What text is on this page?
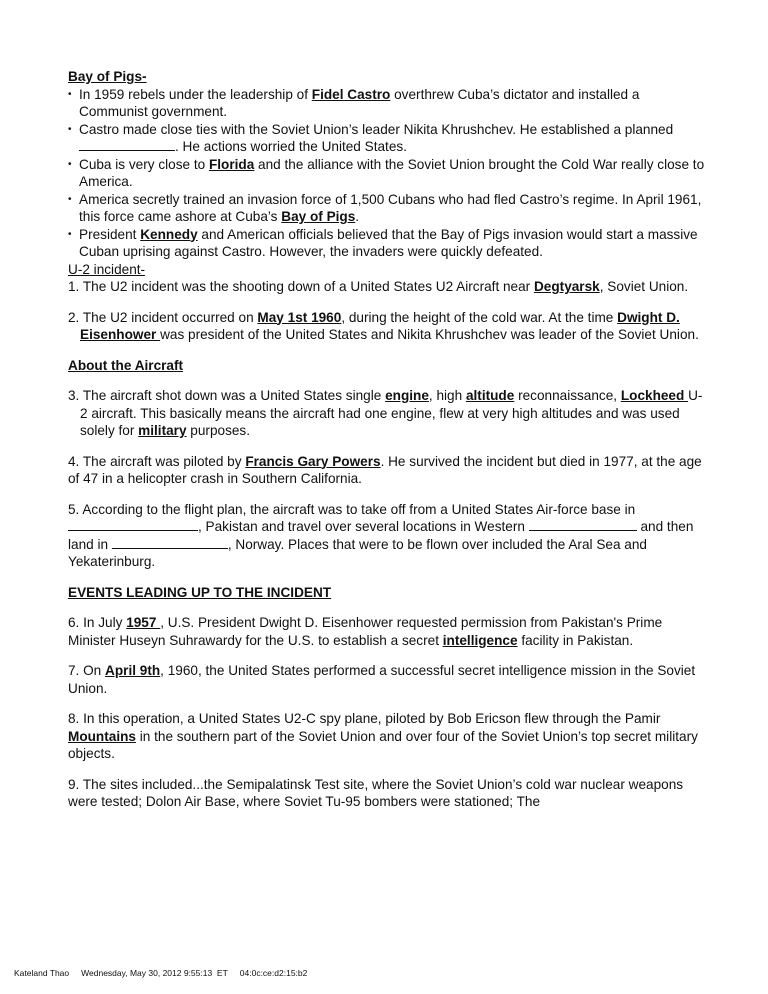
Bay of Pigs-
• In 1959 rebels under the leadership of Fidel Castro overthrew Cuba’s dictator and installed a Communist government.
• Castro made close ties with the Soviet Union’s leader Nikita Khrushchev. He established a planned . He actions worried the United States.
• Cuba is very close to Florida and the alliance with the Soviet Union brought the Cold War really close to America.
• America secretly trained an invasion force of 1,500 Cubans who had fled Castro’s regime. In April 1961, this force came ashore at Cuba’s Bay of Pigs.
• President Kennedy and American officials believed that the Bay of Pigs invasion would start a massive Cuban uprising against Castro. However, the invaders were quickly defeated.
U-2 incident-
1. The U2 incident was the shooting down of a United States U2 Aircraft near Degtyarsk, Soviet Union.
2. The U2 incident occurred on May 1st 1960, during the height of the cold war. At the time Dwight D. Eisenhower was president of the United States and Nikita Khrushchev was leader of the Soviet Union.
About the Aircraft
3. The aircraft shot down was a United States single engine, high altitude reconnaissance, Lockheed U-2 aircraft. This basically means the aircraft had one engine, flew at very high altitudes and was used solely for military purposes.
4. The aircraft was piloted by Francis Gary Powers. He survived the incident but died in 1977, at the age of 47 in a helicopter crash in Southern California.
5. According to the flight plan, the aircraft was to take off from a United States Air-force base in , Pakistan and travel over several locations in Western	and then land in	, Norway. Places that were to be flown over included the Aral Sea and Yekaterinburg.
EVENTS LEADING UP TO THE INCIDENT
6. In July 1957 , U.S. President Dwight D. Eisenhower requested permission from Pakistan's Prime Minister Huseyn Suhrawardy for the U.S. to establish a secret intelligence facility in Pakistan.
7. On April 9th, 1960, the United States performed a successful secret intelligence mission in the Soviet Union.
8. In this operation, a United States U2-C spy plane, piloted by Bob Ericson flew through the Pamir Mountains in the southern part of the Soviet Union and over four of the Soviet Union’s top secret military objects.
9. The sites included...the Semipalatinsk Test site, where the Soviet Union’s cold war nuclear weapons were tested; Dolon Air Base, where Soviet Tu-95 bombers were stationed; The
Kateland Thao Wednesday, May 30, 2012 9:55:13  ET 04:0c:ce:d2:15:b2
